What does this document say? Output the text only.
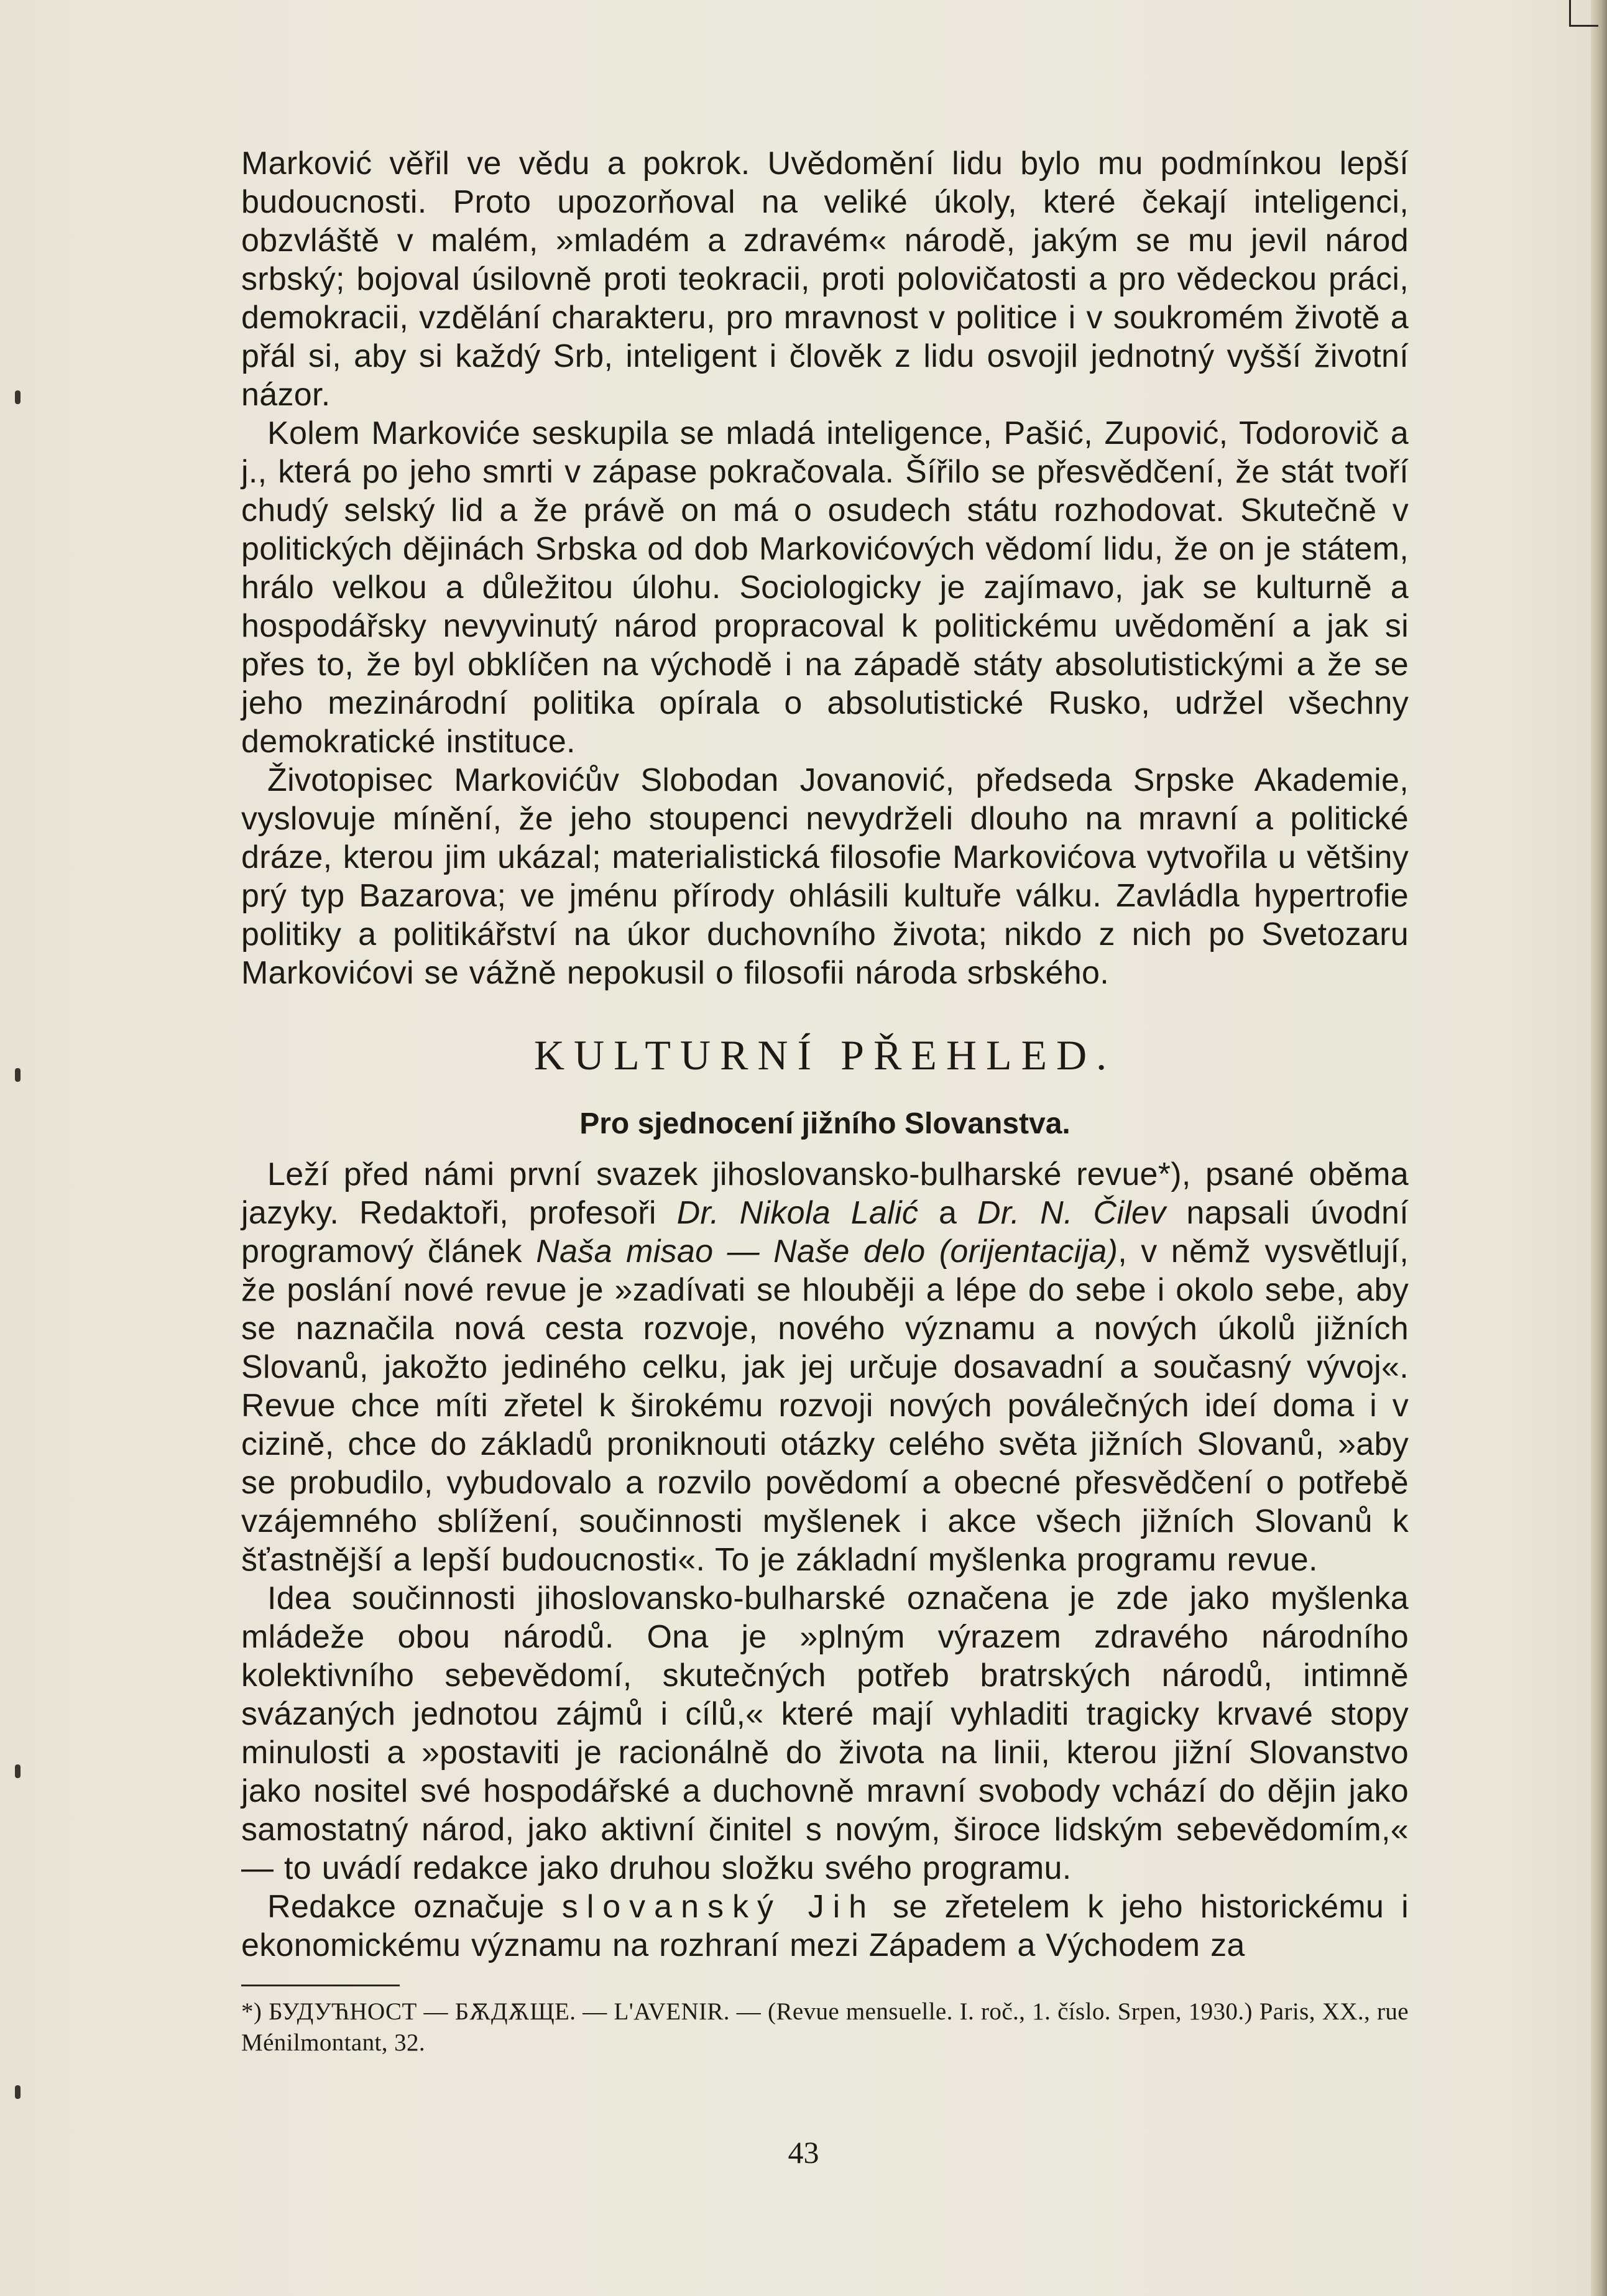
Marković věřil ve vědu a pokrok. Uvědomění lidu bylo mu podmínkou lepší budoucnosti. Proto upozorňoval na veliké úkoly, které čekají inteligenci, obzvláště v malém, »mladém a zdravém« národě, jakým se mu jevil národ srbský; bojoval úsilovně proti teokracii, proti polovičatosti a pro vědeckou práci, demokracii, vzdělání charakteru, pro mravnost v politice i v soukromém životě a přál si, aby si každý Srb, inteligent i člověk z lidu osvojil jednotný vyšší životní názor.

Kolem Markoviće seskupila se mladá inteligence, Pašić, Zupović, Todorovič a j., která po jeho smrti v zápase pokračovala. Šířilo se přesvědčení, že stát tvoří chudý selský lid a že právě on má o osudech státu rozhodovat. Skutečně v politických dějinách Srbska od dob Markovićových vědomí lidu, že on je státem, hrálo velkou a důležitou úlohu. Sociologicky je zajímavo, jak se kulturně a hospodářsky nevyvinutý národ propracoval k politickému uvědomění a jak si přes to, že byl obklíčen na východě i na západě státy absolutistickými a že se jeho mezinárodní politika opírala o absolutistické Rusko, udržel všechny demokratické instituce.

Životopisec Markovićův Slobodan Jovanović, předseda Srpske Akademie, vyslovuje mínění, že jeho stoupenci nevydrželi dlouho na mravní a politické dráze, kterou jim ukázal; materialistická filosofie Markovićova vytvořila u většiny prý typ Bazarova; ve jménu přírody ohlásili kultuře válku. Zavládla hypertrofie politiky a politikářství na úkor duchovního života; nikdo z nich po Svetozaru Markovićovi se vážně nepokusil o filosofii národa srbského.

KULTURNÍ PŘEHLED.
Pro sjednocení jižního Slovanstva.

Leží před námi první svazek jihoslovansko-bulharské revue*), psané oběma jazyky. Redaktoři, profesoři Dr. Nikola Lalić a Dr. N. Čilev napsali úvodní programový článek Naša misao — Naše delo (orijentacija), v němž vysvětlují, že poslání nové revue je »zadívati se hlouběji a lépe do sebe i okolo sebe, aby se naznačila nová cesta rozvoje, nového významu a nových úkolů jižních Slovanů, jakožto jediného celku, jak jej určuje dosavadní a současný vývoj«. Revue chce míti zřetel k širokému rozvoji nových poválečných ideí doma i v cizině, chce do základů proniknouti otázky celého světa jižních Slovanů, »aby se probudilo, vybudovalo a rozvilo povědomí a obecné přesvědčení o potřebě vzájemného sblížení, součinnosti myšlenek i akce všech jižních Slovanů k šťastnější a lepší budoucnosti«. To je základní myšlenka programu revue.

Idea součinnosti jihoslovansko-bulharské označena je zde jako myšlenka mládeže obou národů. Ona je »plným výrazem zdravého národního kolektivního sebevědomí, skutečných potřeb bratrských národů, intimně svázaných jednotou zájmů i cílů,« které mají vyhladiti tragicky krvavé stopy minulosti a »postaviti je racionálně do života na linii, kterou jižní Slovanstvo jako nositel své hospodářské a duchovně mravní svobody vchází do dějin jako samostatný národ, jako aktivní činitel s novým, široce lidským sebevědomím,« — to uvádí redakce jako druhou složku svého programu.

Redakce označuje slovanský Jih se zřetelem k jeho historickému i ekonomickému významu na rozhraní mezi Západem a Východem za

*) БУДУЋНОСТ — БѪДѪЩЕ. — L'AVENIR. — (Revue mensuelle. I. roč., 1. číslo. Srpen, 1930.) Paris, XX., rue Ménilmontant, 32.

43
